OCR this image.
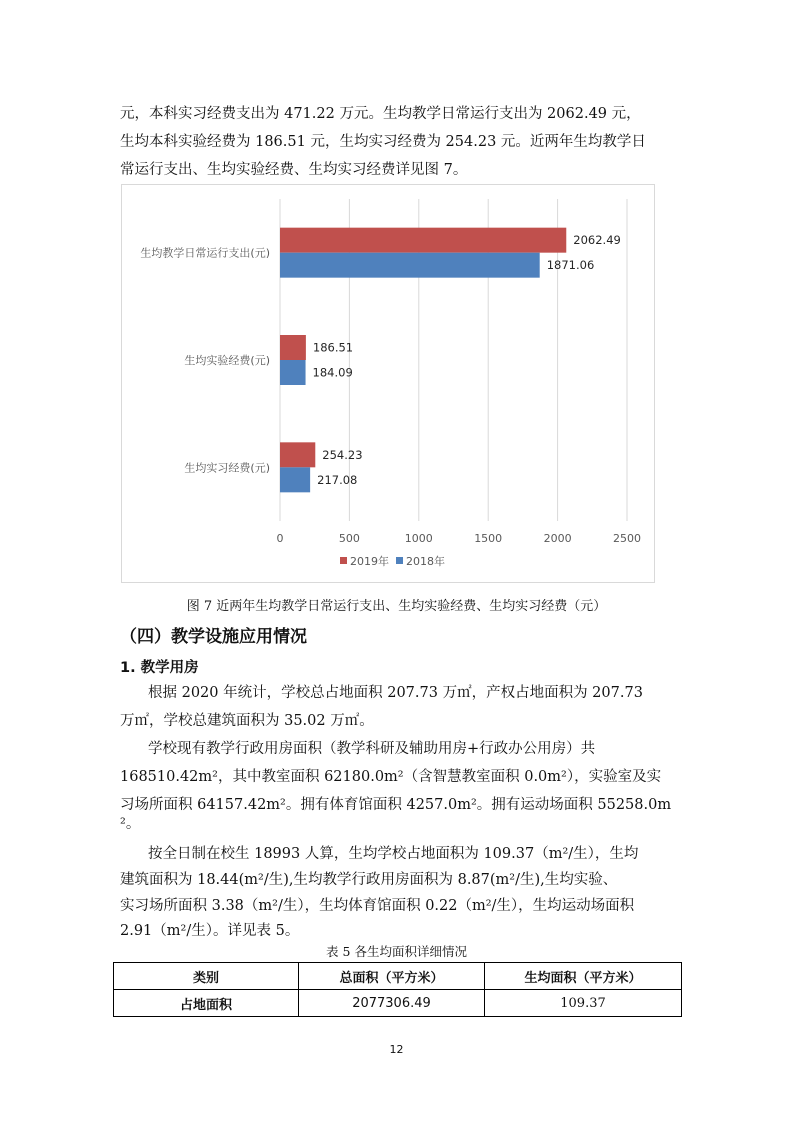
元，本科实习经费支出为 471.22 万元。生均教学日常运行支出为 2062.49 元，

生均本科实验经费为 186.51 元，生均实习经费为 254.23 元。近两年生均教学日

常运行支出、生均实验经费、生均实习经费详见图 7。

0	500	1000	1500	2000	2500
生均教学日常运行支出(元)
2062.49
1871.06
生均实验经费(元)
186.51
184.09
生均实习经费(元)
254.23
217.08
2019年 2018年
图 7 近两年生均教学日常运行支出、生均实验经费、生均实习经费（元）
（四）教学设施应用情况
1. 教学用房

根据 2020 年统计，学校总占地面积 207.73 万㎡，产权占地面积为 207.73

万㎡，学校总建筑面积为 35.02 万㎡。

学校现有教学行政用房面积（教学科研及辅助用房+行政办公用房）共

168510.42m²，其中教室面积 62180.0m²（含智慧教室面积 0.0m²），实验室及实

习场所面积 64157.42m²。拥有体育馆面积 4257.0m²。拥有运动场面积 55258.0m

²。

按全日制在校生 18993 人算，生均学校占地面积为 109.37（m²/生），生均

建筑面积为 18.44(m²/生),生均教学行政用房面积为 8.87(m²/生),生均实验、

实习场所面积 3.38（m²/生），生均体育馆面积 0.22（m²/生），生均运动场面积

2.91（m²/生）。详见表 5。

表 5 各生均面积详细情况
类别	总面积（平方米）	生均面积（平方米）
占地面积	2077306.49	109.37
12
